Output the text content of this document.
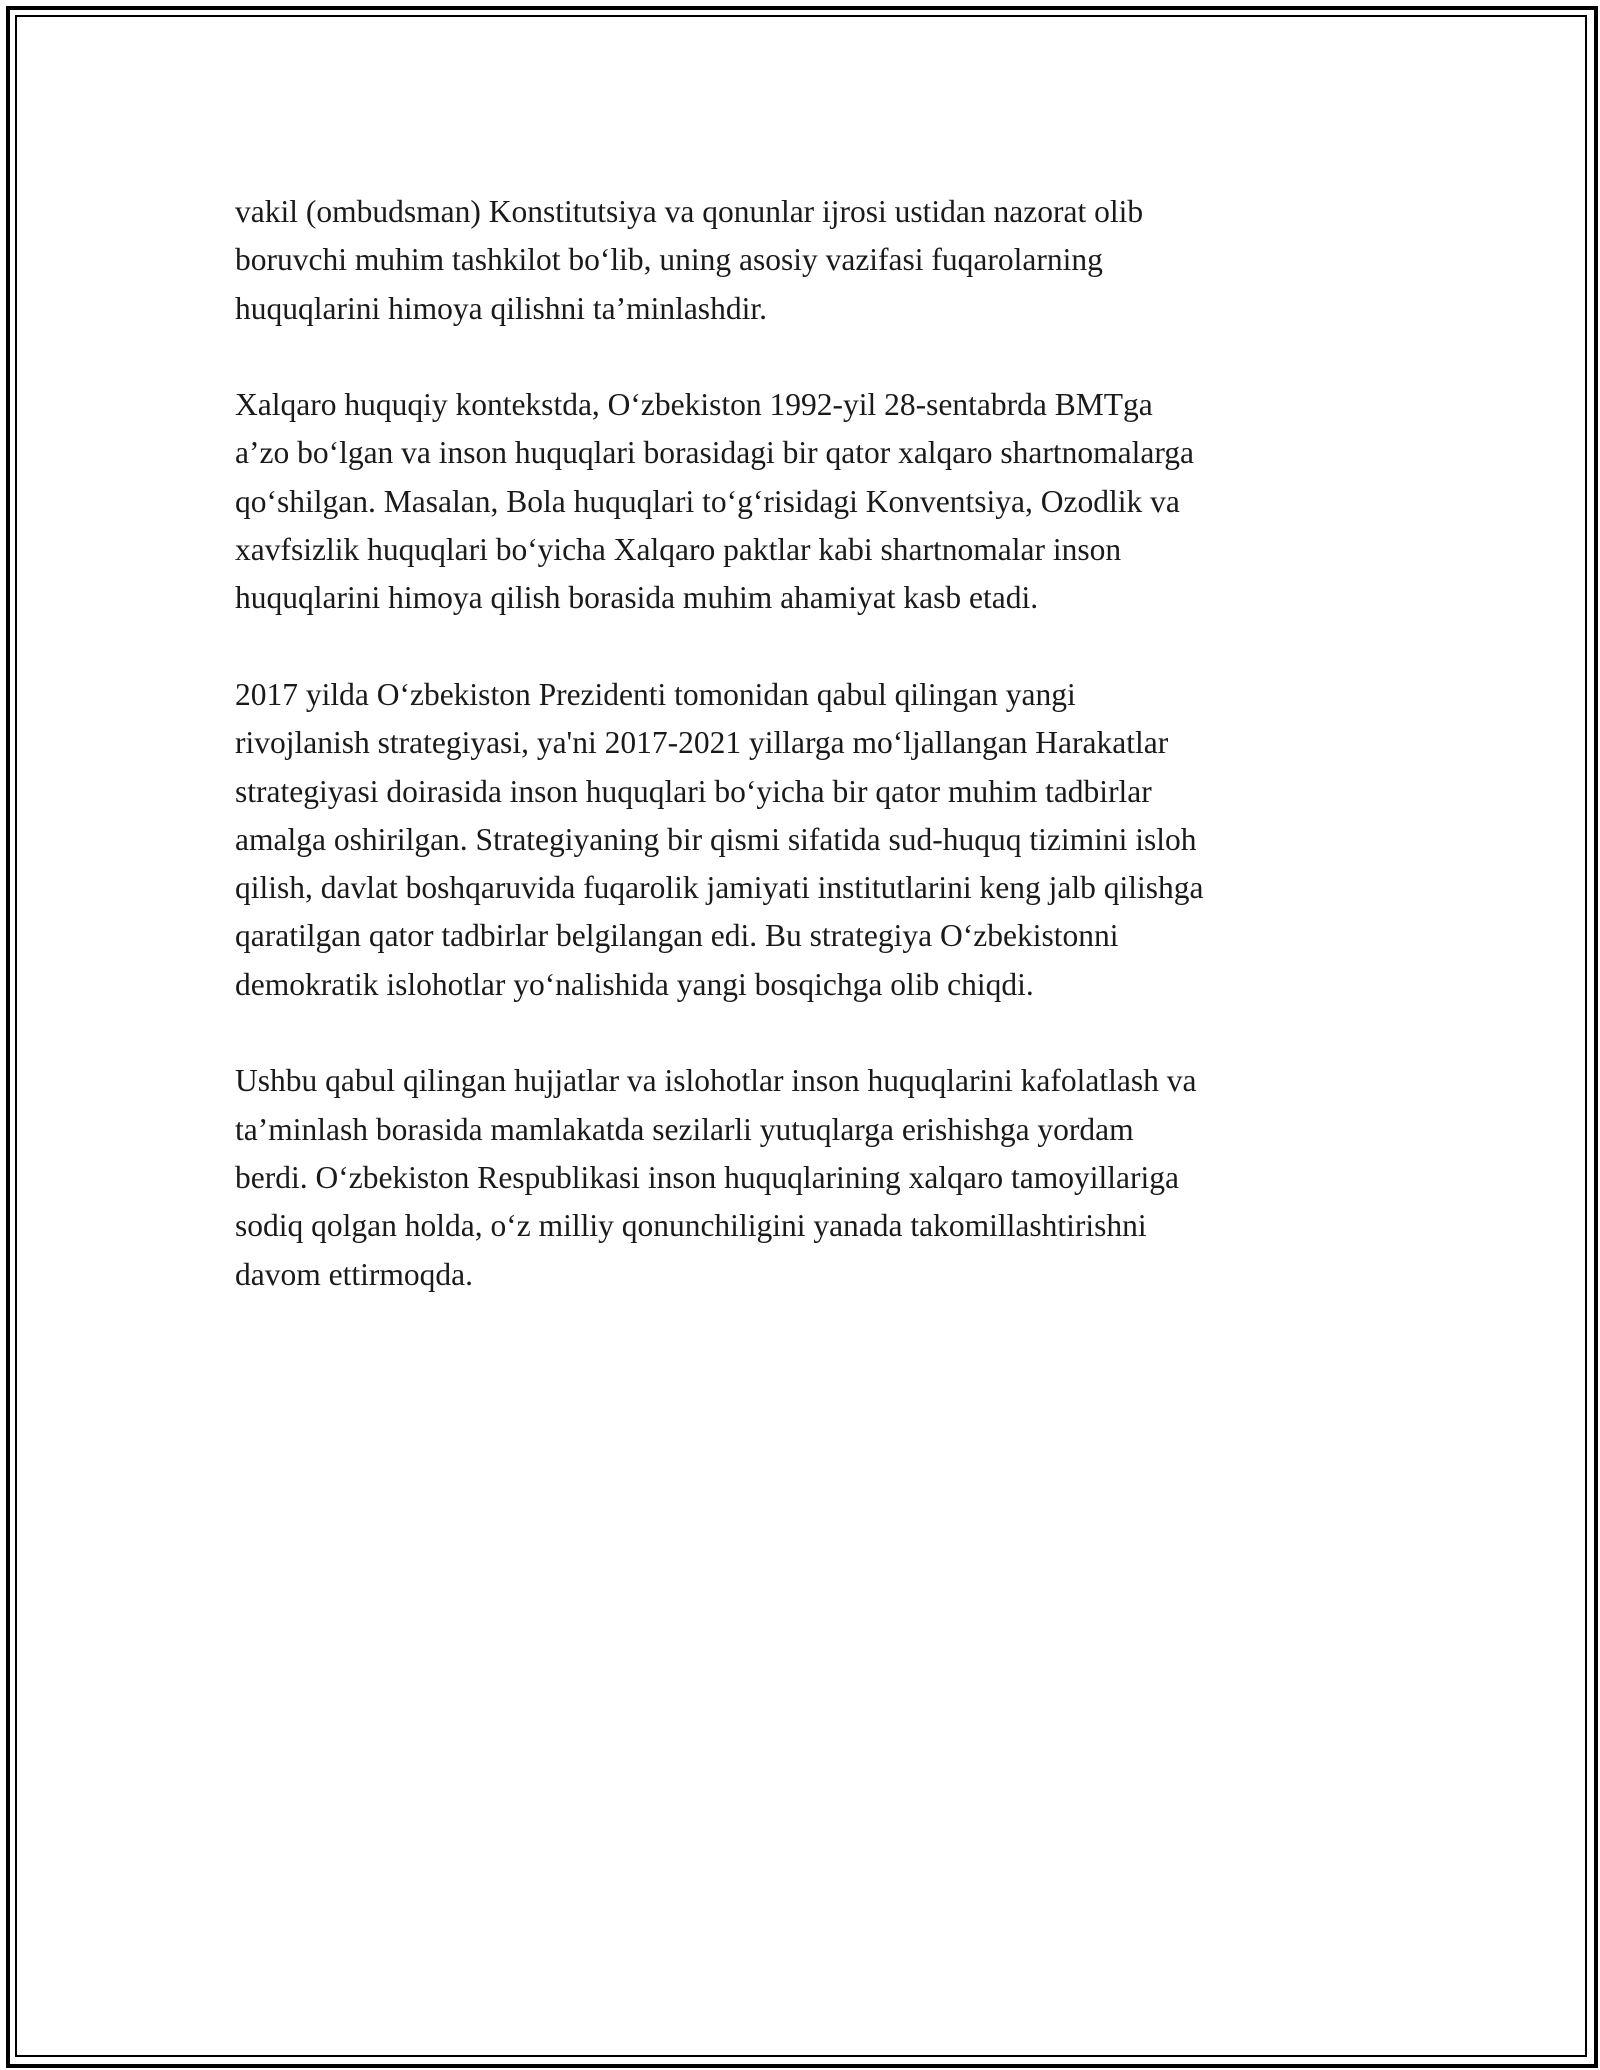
vakil (ombudsman) Konstitutsiya va qonunlar ijrosi ustidan nazorat olib
boruvchi muhim tashkilot bo‘lib, uning asosiy vazifasi fuqarolarning
huquqlarini himoya qilishni ta’minlashdir.

Xalqaro huquqiy kontekstda, O‘zbekiston 1992-yil 28-sentabrda BMTga
a’zo bo‘lgan va inson huquqlari borasidagi bir qator xalqaro shartnomalarga
qo‘shilgan. Masalan, Bola huquqlari to‘g‘risidagi Konventsiya, Ozodlik va
xavfsizlik huquqlari bo‘yicha Xalqaro paktlar kabi shartnomalar inson
huquqlarini himoya qilish borasida muhim ahamiyat kasb etadi.

2017 yilda O‘zbekiston Prezidenti tomonidan qabul qilingan yangi
rivojlanish strategiyasi, ya'ni 2017-2021 yillarga mo‘ljallangan Harakatlar
strategiyasi doirasida inson huquqlari bo‘yicha bir qator muhim tadbirlar
amalga oshirilgan. Strategiyaning bir qismi sifatida sud-huquq tizimini isloh
qilish, davlat boshqaruvida fuqarolik jamiyati institutlarini keng jalb qilishga
qaratilgan qator tadbirlar belgilangan edi. Bu strategiya O‘zbekistonni
demokratik islohotlar yo‘nalishida yangi bosqichga olib chiqdi.

Ushbu qabul qilingan hujjatlar va islohotlar inson huquqlarini kafolatlash va
ta’minlash borasida mamlakatda sezilarli yutuqlarga erishishga yordam
berdi. O‘zbekiston Respublikasi inson huquqlarining xalqaro tamoyillariga
sodiq qolgan holda, o‘z milliy qonunchiligini yanada takomillashtirishni
davom ettirmoqda.
